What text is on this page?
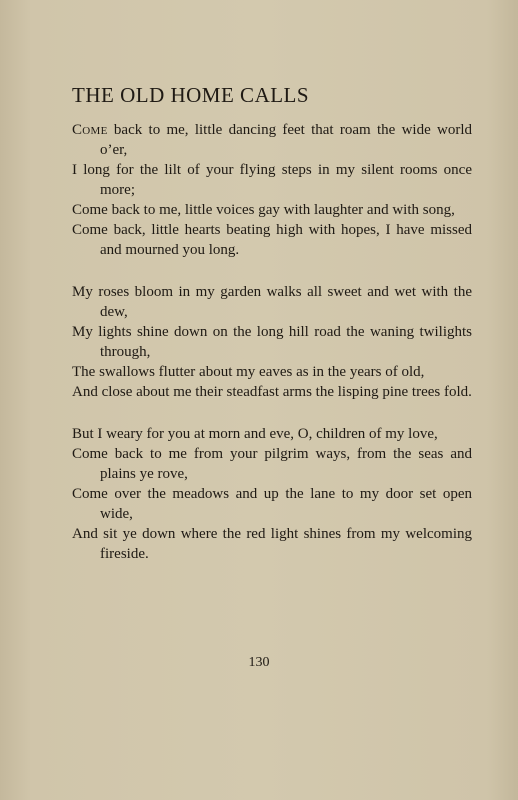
THE OLD HOME CALLS
Come back to me, little dancing feet that roam the wide world o’er,
I long for the lilt of your flying steps in my silent rooms once more;
Come back to me, little voices gay with laughter and with song,
Come back, little hearts beating high with hopes, I have missed and mourned you long.
My roses bloom in my garden walks all sweet and wet with the dew,
My lights shine down on the long hill road the waning twilights through,
The swallows flutter about my eaves as in the years of old,
And close about me their steadfast arms the lisping pine trees fold.
But I weary for you at morn and eve, O, children of my love,
Come back to me from your pilgrim ways, from the seas and plains ye rove,
Come over the meadows and up the lane to my door set open wide,
And sit ye down where the red light shines from my welcoming fireside.
130
